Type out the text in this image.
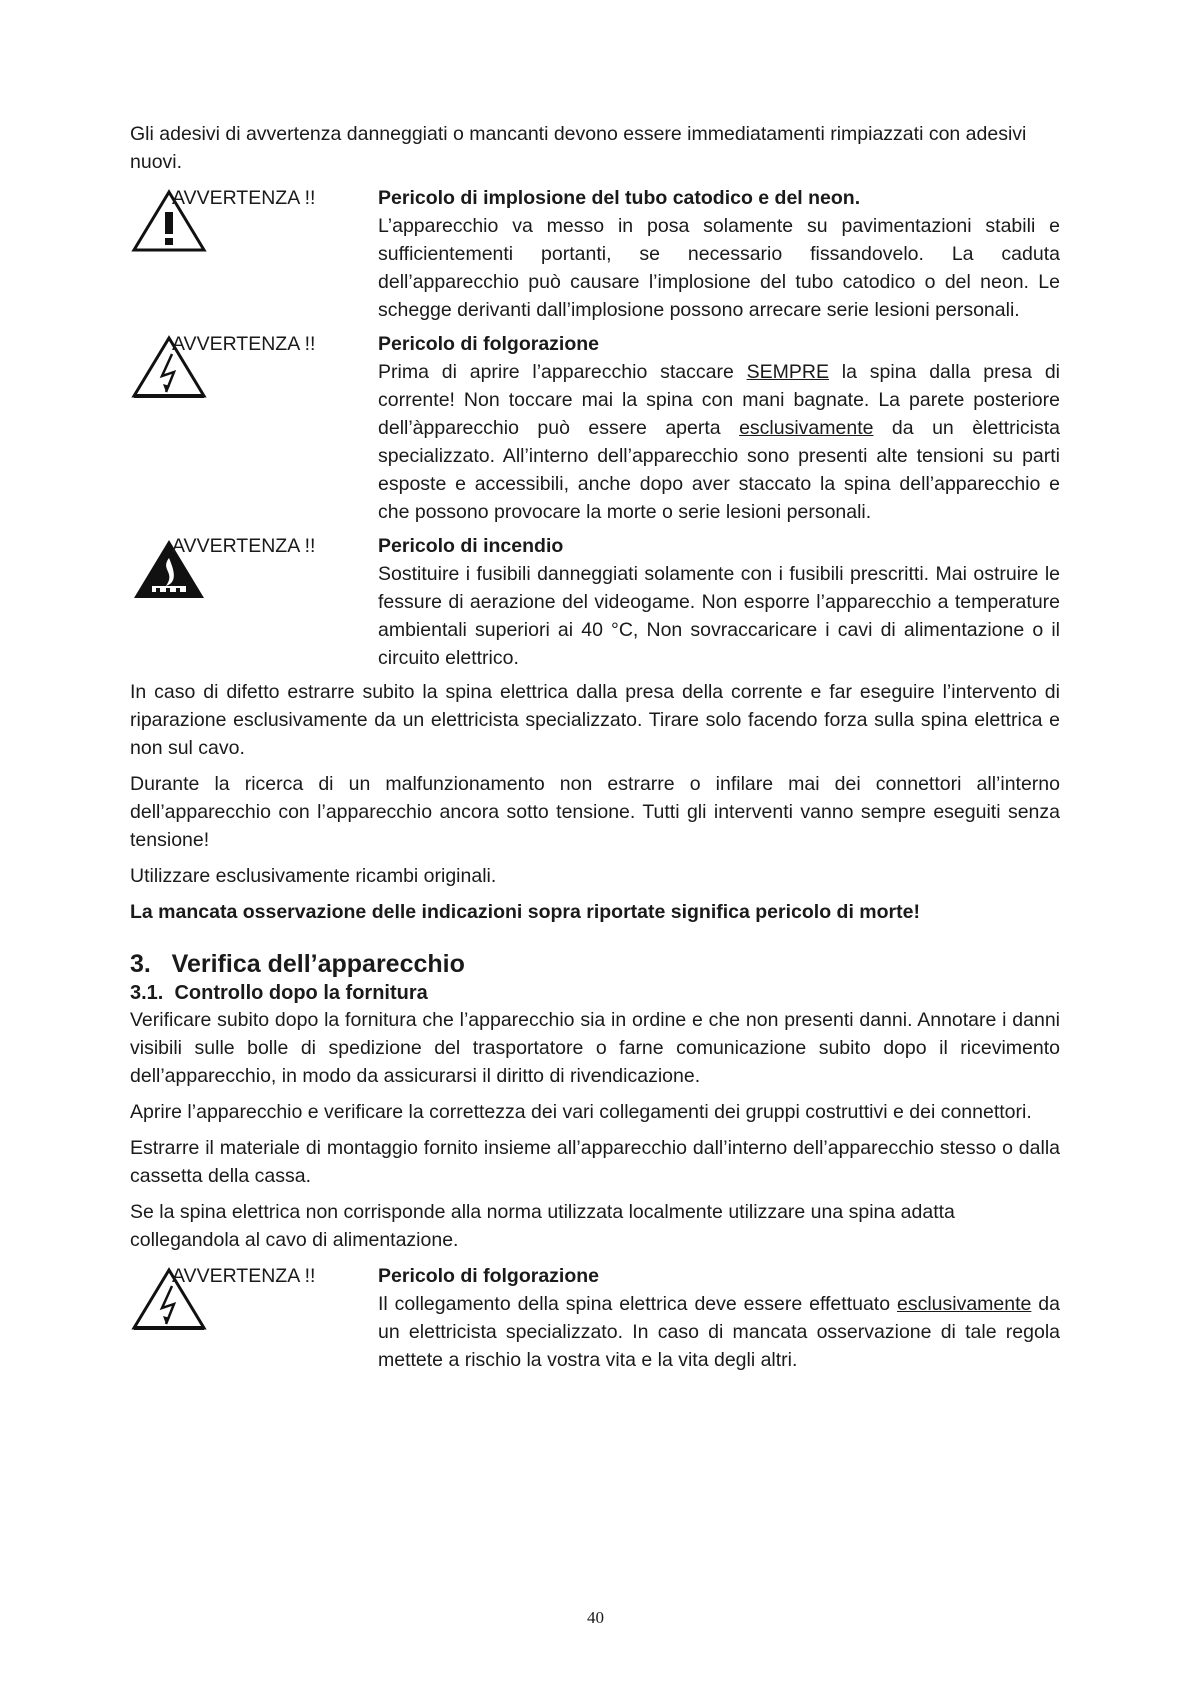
Gli adesivi di avvertenza danneggiati o mancanti devono essere immediatamenti rimpiazzati con adesivi nuovi.

AVVERTENZA !!	Pericolo di implosione del tubo catodico e del neon.

L’apparecchio va messo in posa solamente su pavimentazioni stabili e sufficientementi portanti, se necessario fissandovelo. La caduta dell’apparecchio può causare l’implosione del tubo catodico o del neon. Le schegge derivanti dall’implosione possono arrecare serie lesioni personali.

AVVERTENZA !!	Pericolo di folgorazione

Prima di aprire l’apparecchio staccare SEMPRE la spina dalla presa di corrente! Non toccare mai la spina con mani bagnate. La parete posteriore dell’àpparecchio può essere aperta esclusivamente da un èlettricista specializzato. All’interno dell’apparecchio sono presenti alte tensioni su parti esposte e accessibili, anche dopo aver staccato la spina dell’apparecchio e che possono provocare la morte o serie lesioni personali.

AVVERTENZA !!	Pericolo di incendio

Sostituire i fusibili danneggiati solamente con i fusibili prescritti. Mai ostruire le fessure di aerazione del videogame. Non esporre l’apparecchio a temperature ambientali superiori ai 40 °C, Non sovraccaricare i cavi di alimentazione o il circuito elettrico.

In caso di difetto estrarre subito la spina elettrica dalla presa della corrente e far eseguire l’intervento di riparazione esclusivamente da un elettricista specializzato. Tirare solo facendo forza sulla spina elettrica e non sul cavo.

Durante la ricerca di un malfunzionamento non estrarre o infilare mai dei connettori all’interno dell’apparecchio con l’apparecchio ancora sotto tensione. Tutti gli interventi vanno sempre eseguiti senza tensione!

Utilizzare esclusivamente ricambi originali.

La mancata osservazione delle indicazioni sopra riportate significa pericolo di morte!
3.   Verifica dell’apparecchio
3.1.  Controllo dopo la fornitura

Verificare subito dopo la fornitura che l’apparecchio sia in ordine e che non presenti danni. Annotare i danni visibili sulle bolle di spedizione del trasportatore o farne comunicazione subito dopo il ricevimento dell’apparecchio, in modo da assicurarsi il diritto di rivendicazione.

Aprire l’apparecchio e verificare la correttezza dei vari collegamenti dei gruppi costruttivi e dei connettori.

Estrarre il materiale di montaggio fornito insieme all’apparecchio dall’interno dell’apparecchio stesso o dalla cassetta della cassa.

Se la spina elettrica non corrisponde alla norma utilizzata localmente utilizzare una spina adatta collegandola al cavo di alimentazione.

AVVERTENZA !!	Pericolo di folgorazione

Il collegamento della spina elettrica deve essere effettuato esclusivamente da un elettricista specializzato. In caso di mancata osservazione di tale regola mettete a rischio la vostra vita e la vita degli altri.

40
